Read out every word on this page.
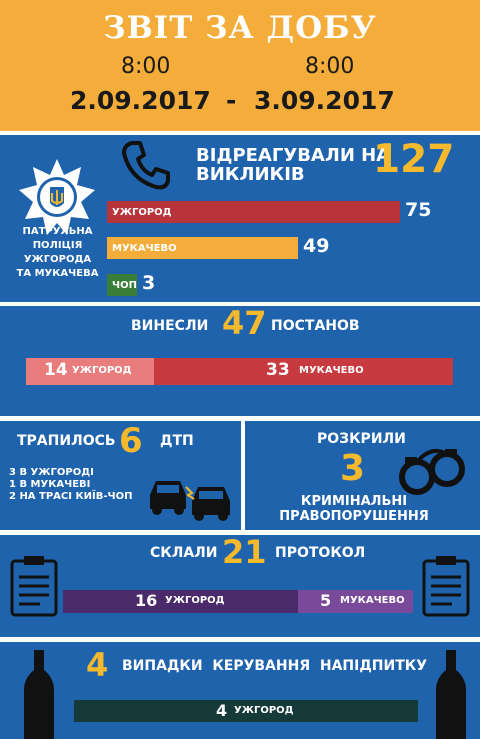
ЗВІТ ЗА ДОБУ
8:00	8:00
2.09.2017 - 3.09.2017
ПАТРУЛЬНА
ПОЛІЦІЯ
УЖГОРОДА
ТА МУКАЧЕВА
ВІДРЕАГУВАЛИ НА
ВИКЛИКІВ 127
УЖГОРОД	75
МУКАЧЕВО	49
ЧОП 3
ВИНЕСЛИ 47 ПОСТАНОВ
14 УЖГОРОД	33 МУКАЧЕВО
ТРАПИЛОСЬ 6 ДТП
3 В УЖГОРОДІ
1 В МУКАЧЕВІ
2 НА ТРАСІ КИЇВ-ЧОП
РОЗКРИЛИ
3
КРИМІНАЛЬНІ
ПРАВОПОРУШЕННЯ
СКЛАЛИ 21 ПРОТОКОЛ
16 УЖГОРОД	5 МУКАЧЕВО
4 ВИПАДКИ  КЕРУВАННЯ  НАПІДПИТКУ
4 УЖГОРОД
